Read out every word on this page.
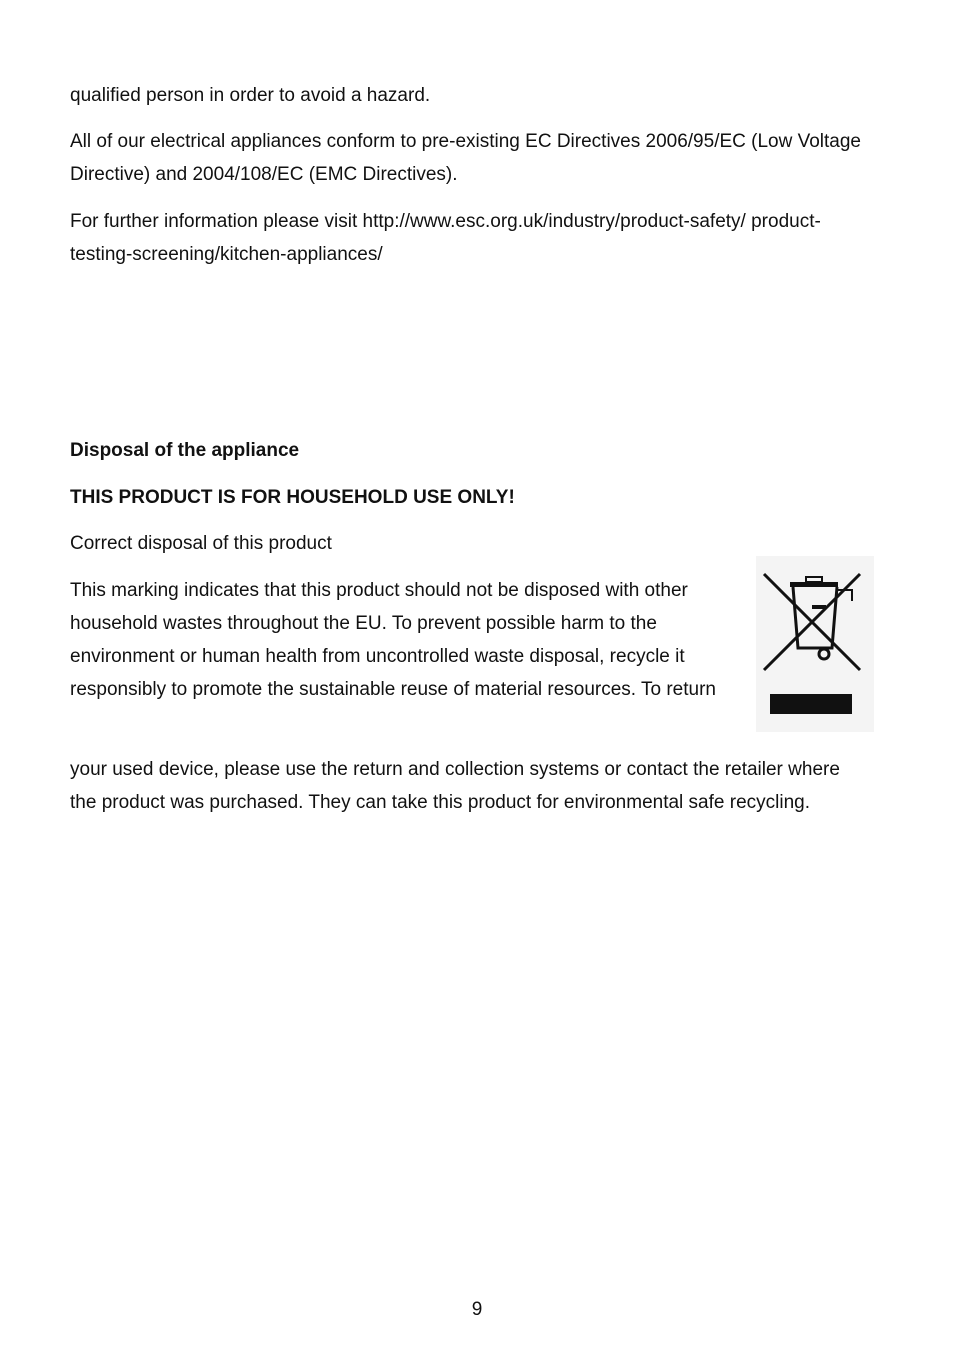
qualified person in order to avoid a hazard.

All of our electrical appliances conform to pre-existing EC Directives 2006/95/EC (Low Voltage Directive) and 2004/108/EC (EMC Directives).

For further information please visit http://www.esc.org.uk/industry/product-safety/ product-testing-screening/kitchen-appliances/

Disposal of the appliance

THIS PRODUCT IS FOR HOUSEHOLD USE ONLY!

Correct disposal of this product

This marking indicates that this product should not be disposed with other household wastes throughout the EU. To prevent possible harm to the environment or human health from uncontrolled waste disposal, recycle it responsibly to promote the sustainable reuse of material resources. To return

your used device, please use the return and collection systems or contact the retailer where the product was purchased. They can take this product for environmental safe recycling.

9
